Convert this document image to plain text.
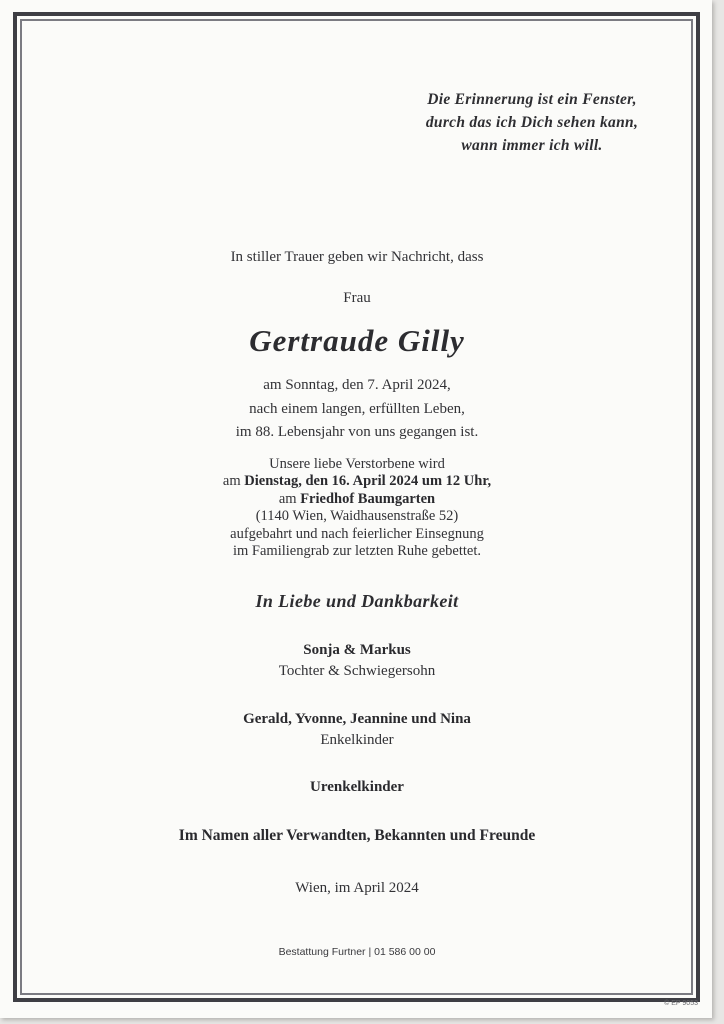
Die Erinnerung ist ein Fenster,
durch das ich Dich sehen kann,
wann immer ich will.
In stiller Trauer geben wir Nachricht, dass
Frau
Gertraude Gilly
am Sonntag, den 7. April 2024,
nach einem langen, erfüllten Leben,
im 88. Lebensjahr von uns gegangen ist.
Unsere liebe Verstorbene wird
am Dienstag, den 16. April 2024 um 12 Uhr,
am Friedhof Baumgarten
(1140 Wien, Waidhausenstraße 52)
aufgebahrt und nach feierlicher Einsegnung
im Familiengrab zur letzten Ruhe gebettet.
In Liebe und Dankbarkeit
Sonja & Markus
Tochter & Schwiegersohn
Gerald, Yvonne, Jeannine und Nina
Enkelkinder
Urenkelkinder
Im Namen aller Verwandten, Bekannten und Freunde
Wien, im April 2024
Bestattung Furtner | 01 586 00 00
© EP 9053
